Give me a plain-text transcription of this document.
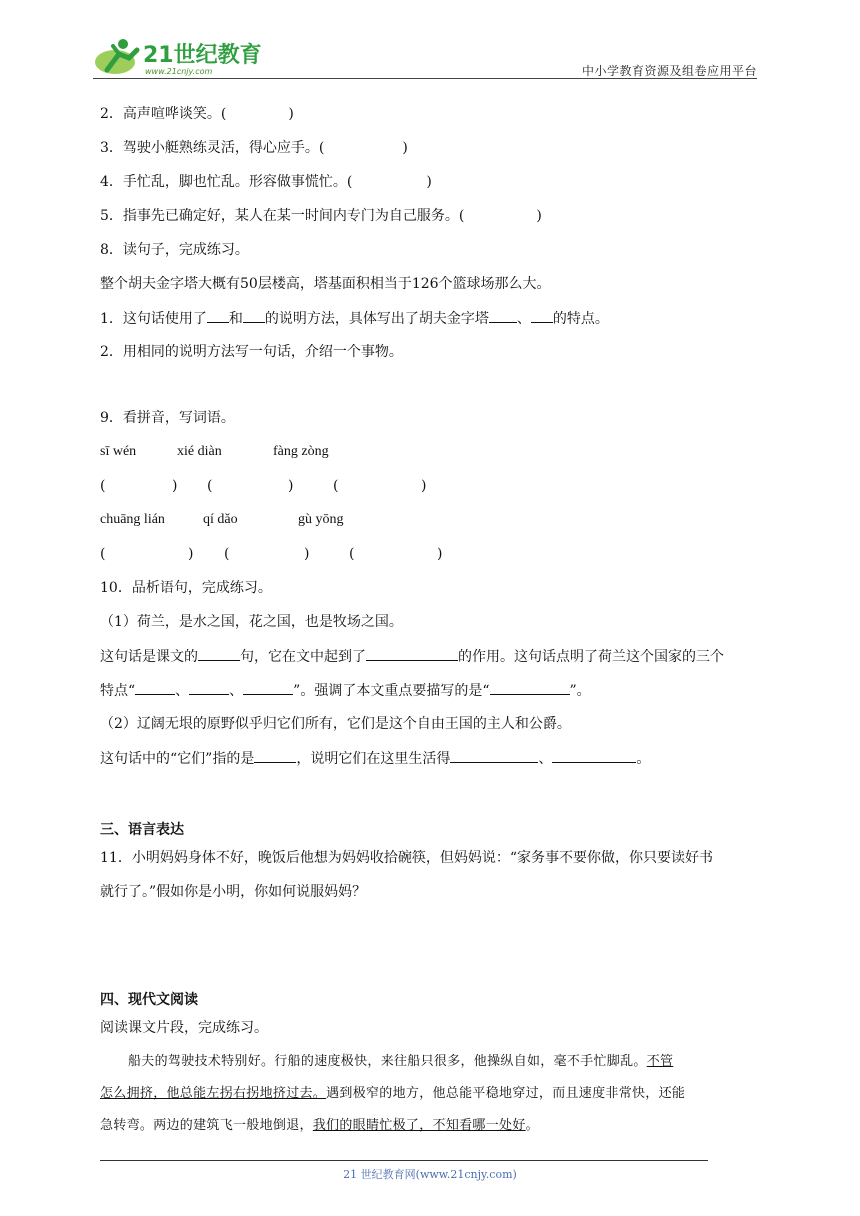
21世纪教育
www.21cnjy.com	中小学教育资源及组卷应用平台
2．高声喧哗谈笑。(	)
3．驾驶小艇熟练灵活，得心应手。(	)
4．手忙乱，脚也忙乱。形容做事慌忙。(	)
5．指事先已确定好，某人在某一时间内专门为自己服务。(	)
8．读句子，完成练习。
整个胡夫金字塔大概有50层楼高，塔基面积相当于126个篮球场那么大。
1．这句话使用了 和 的说明方法，具体写出了胡夫金字塔 、 的特点。
2．用相同的说明方法写一句话，介绍一个事物。
9．看拼音，写词语。
sī wén	xié diàn	fàng zòng
(	) (	)	(	)
chuāng lián	qí dǎo	gù yōng
(	) (	)	(	)
10．品析语句，完成练习。
（1）荷兰，是水之国，花之国，也是牧场之国。
这句话是课文的	句，它在文中起到了	的作用。这句话点明了荷兰这个国家的三个
特点“	、	、	”。强调了本文重点要描写的是“	”。
（2）辽阔无垠的原野似乎归它们所有，它们是这个自由王国的主人和公爵。
这句话中的“它们”指的是	，说明它们在这里生活得	、	。
三、语言表达
11．小明妈妈身体不好，晚饭后他想为妈妈收拾碗筷，但妈妈说：“家务事不要你做，你只要读好书
就行了。”假如你是小明，你如何说服妈妈？
四、现代文阅读
阅读课文片段，完成练习。
船夫的驾驶技术特别好。行船的速度极快，来往船只很多，他操纵自如，毫不手忙脚乱。不管
怎么拥挤，他总能左拐右拐地挤过去。遇到极窄的地方，他总能平稳地穿过，而且速度非常快，还能
急转弯。两边的建筑飞一般地倒退，我们的眼睛忙极了，不知看哪一处好。
21 世纪教育网(www.21cnjy.com)
